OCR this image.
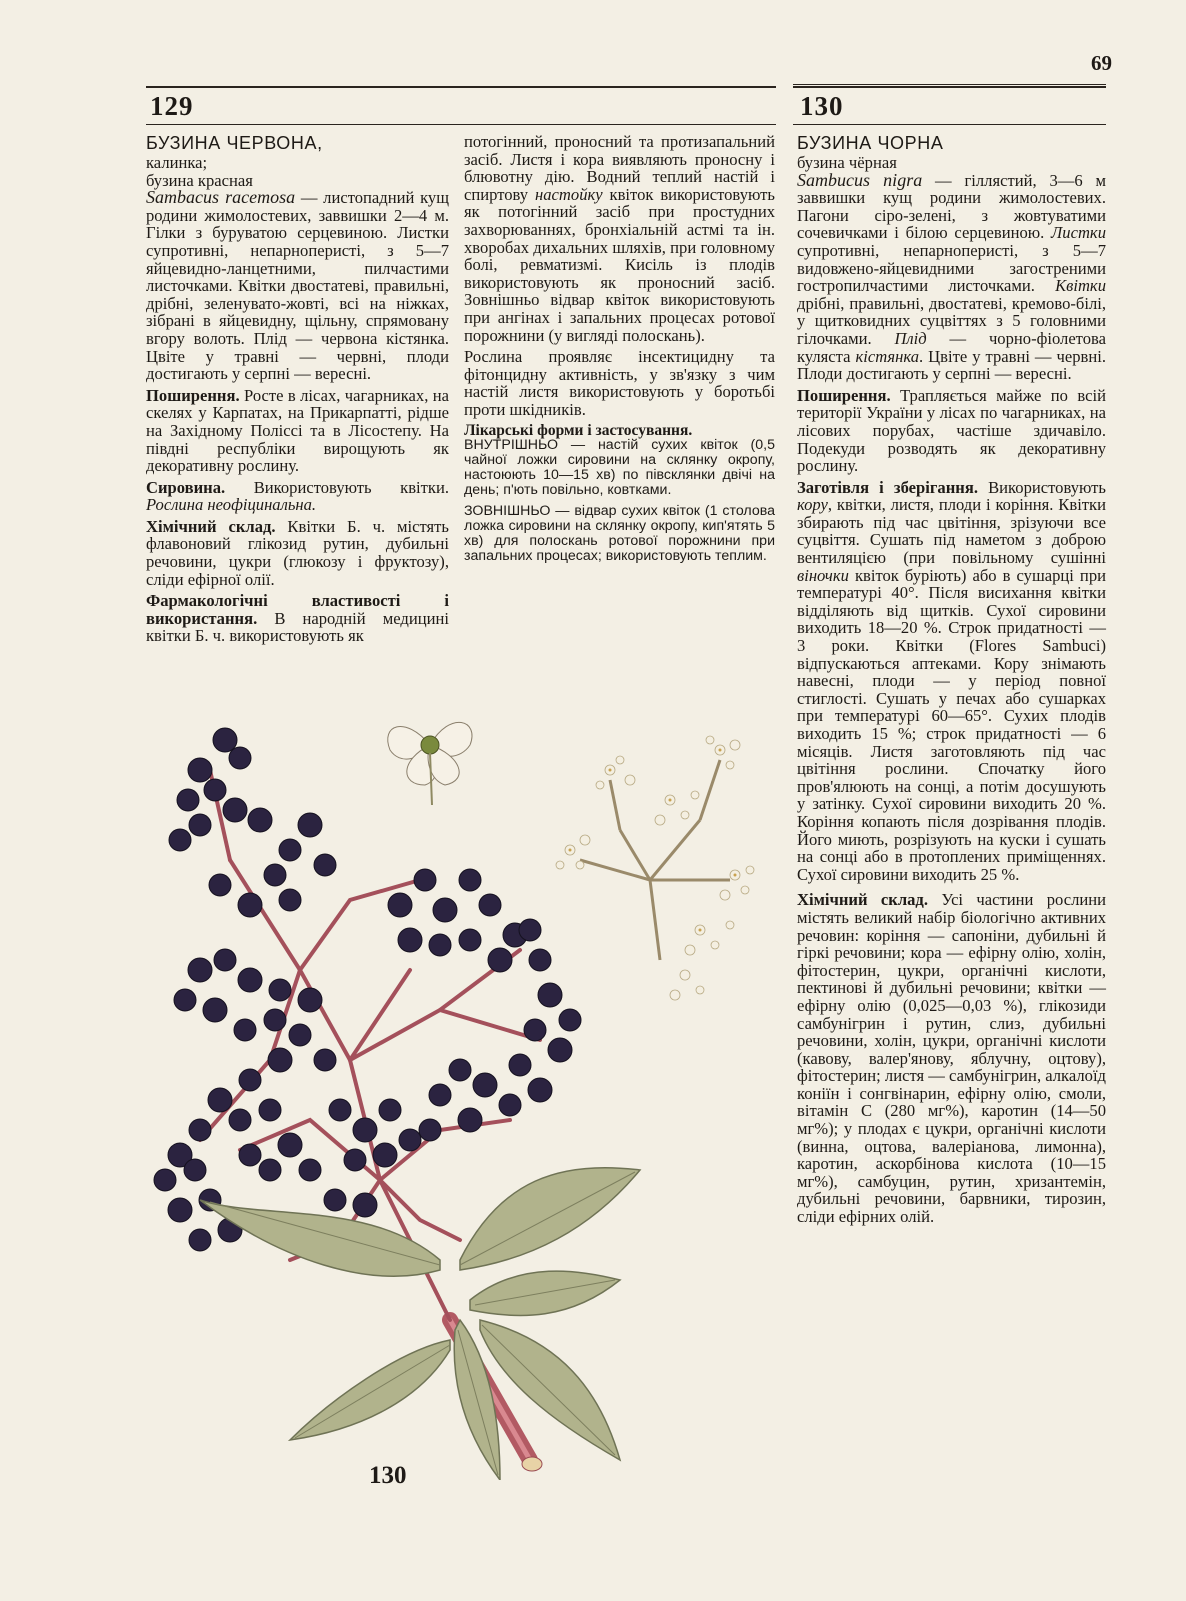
69
129	130

БУЗИНА ЧЕРВОНА,
калинка;
бузина красная
Sambacus racemosa — листопадний кущ родини жимолостевих, заввишки 2—4 м. Гілки з буруватою серцевиною. Листки супротивні, непарноперисті, з 5—7 яйцевидно-ланцетними, пилчастими листочками. Квітки двостатеві, правильні, дрібні, зеленувато-жовті, всі на ніжках, зібрані в яйцевидну, щільну, спрямовану вгору волоть. Плід — червона кістянка. Цвіте у травні — червні, плоди достигають у серпні — вересні.

Поширення. Росте в лісах, чагарниках, на скелях у Карпатах, на Прикарпатті, рідше на Західному Поліссі та в Лісостепу. На півдні республіки вирощують як декоративну рослину.

Сировина. Використовують квітки. Рослина неофіцинальна.

Хімічний склад. Квітки Б. ч. містять флавоновий глікозид рутин, дубильні речовини, цукри (глюкозу і фруктозу), сліди ефірної олії.

Фармакологічні властивості і використання. В народній медицині квітки Б. ч. використовують як

потогінний, проносний та протизапальний засіб. Листя і кора виявляють проносну і блювотну дію. Водний теплий настій і спиртову настойку квіток використовують як потогінний засіб при простудних захворюваннях, бронхіальній астмі та ін. хворобах дихальних шляхів, при головному болі, ревматизмі. Кисіль із плодів використовують як проносний засіб. Зовнішньо відвар квіток використовують при ангінах і запальних процесах ротової порожнини (у вигляді полоскань).

Рослина проявляє інсектицидну та фітонцидну активність, у зв'язку з чим настій листя використовують у боротьбі проти шкідників.

Лікарські форми і застосування.
ВНУТРІШНЬО — настій сухих квіток (0,5 чайної ложки сировини на склянку окропу, настоюють 10—15 хв) по півсклянки двічі на день; п'ють повільно, ковтками.

ЗОВНІШНЬО — відвар сухих квіток (1 столова ложка сировини на склянку окропу, кип'ятять 5 хв) для полоскань ротової порожнини при запальних процесах; використовують теплим.

БУЗИНА ЧОРНА
бузина чёрная
Sambucus nigra — гіллястий, 3—6 м заввишки кущ родини жимолостевих. Пагони сіро-зелені, з жовтуватими сочевичками і білою серцевиною. Листки супротивні, непарноперисті, з 5—7 видовжено-яйцевидними загостреними гостропилчастими листочками. Квітки дрібні, правильні, двостатеві, кремово-білі, у щитковидних суцвіттях з 5 головними гілочками. Плід — чорно-фіолетова куляста кістянка. Цвіте у травні — червні. Плоди достигають у серпні — вересні.

Поширення. Трапляється майже по всій території України у лісах по чагарниках, на лісових порубах, частіше здичавіло. Подекуди розводять як декоративну рослину.

Заготівля і зберігання. Використовують кору, квітки, листя, плоди і коріння. Квітки збирають під час цвітіння, зрізуючи все суцвіття. Сушать під наметом з доброю вентиляцією (при повільному сушінні віночки квіток буріють) або в сушарці при температурі 40°. Після висихання квітки відділяють від щитків. Сухої сировини виходить 18—20 %. Строк придатності — 3 роки. Квітки (Flores Sambuci) відпускаються аптеками. Кору знімають навесні, плоди — у період повної стиглості. Сушать у печах або сушарках при температурі 60—65°. Сухих плодів виходить 15 %; строк придатності — 6 місяців. Листя заготовляють під час цвітіння рослини. Спочатку його пров'ялюють на сонці, а потім досушують у затінку. Сухої сировини виходить 20 %. Коріння копають після дозрівання плодів. Його миють, розрізують на куски і сушать на сонці або в протоплених приміщеннях. Сухої сировини виходить 25 %.

Хімічний склад. Усі частини рослини містять великий набір біологічно активних речовин: коріння — сапоніни, дубильні й гіркі речовини; кора — ефірну олію, холін, фітостерин, цукри, органічні кислоти, пектинові й дубильні речовини; квітки — ефірну олію (0,025—0,03 %), глікозиди самбунігрин і рутин, слиз, дубильні речовини, холін, цукри, органічні кислоти (кавову, валер'янову, яблучну, оцтову), фітостерин; листя — самбунігрин, алкалоїд коніїн і сонгвінарин, ефірну олію, смоли, вітамін С (280 мг%), каротин (14—50 мг%); у плодах є цукри, органічні кислоти (винна, оцтова, валеріанова, лимонна), каротин, аскорбінова кислота (10—15 мг%), самбуцин, рутин, хризантемін, дубильні речовини, барвники, тирозин, сліди ефірних олій.

130
